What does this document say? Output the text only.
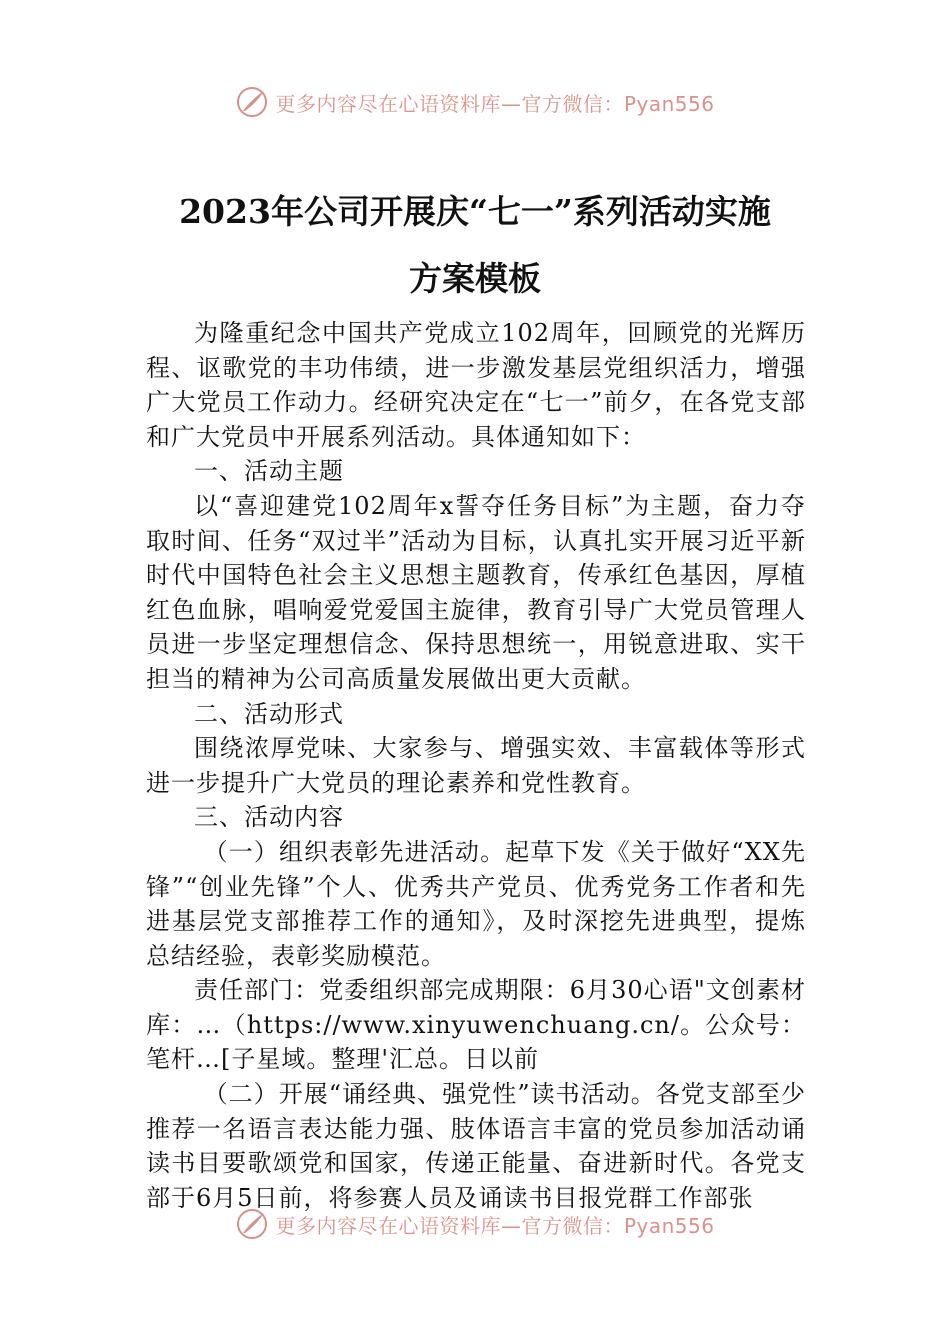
更多内容尽在心语资料库—官方微信：Pyan556
2023年公司开展庆“七一”系列活动实施
方案模板

为隆重纪念中国共产党成立102周年，回顾党的光辉历程、讴歌党的丰功伟绩，进一步激发基层党组织活力，增强广大党员工作动力。经研究决定在“七一”前夕，在各党支部和广大党员中开展系列活动。具体通知如下：

一、活动主题

以“喜迎建党102周年x誓夺任务目标”为主题，奋力夺取时间、任务“双过半”活动为目标，认真扎实开展习近平新时代中国特色社会主义思想主题教育，传承红色基因，厚植红色血脉，唱响爱党爱国主旋律，教育引导广大党员管理人员进一步坚定理想信念、保持思想统一，用锐意进取、实干担当的精神为公司高质量发展做出更大贡献。

二、活动形式

围绕浓厚党味、大家参与、增强实效、丰富载体等形式进一步提升广大党员的理论素养和党性教育。

三、活动内容

（一）组织表彰先进活动。起草下发《关于做好“XX先锋”“创业先锋”个人、优秀共产党员、优秀党务工作者和先进基层党支部推荐工作的通知》，及时深挖先进典型，提炼总结经验，表彰奖励模范。

责任部门：党委组织部完成期限：6月30心语"文创素材库：…（https://www.xinyuwenchuang.cn/。公众号：笔杆…[子星域。整理'汇总。日以前

（二）开展“诵经典、强党性”读书活动。各党支部至少推荐一名语言表达能力强、肢体语言丰富的党员参加活动诵读书目要歌颂党和国家，传递正能量、奋进新时代。各党支部于6月5日前，将参赛人员及诵读书目报党群工作部张

更多内容尽在心语资料库—官方微信：Pyan556
